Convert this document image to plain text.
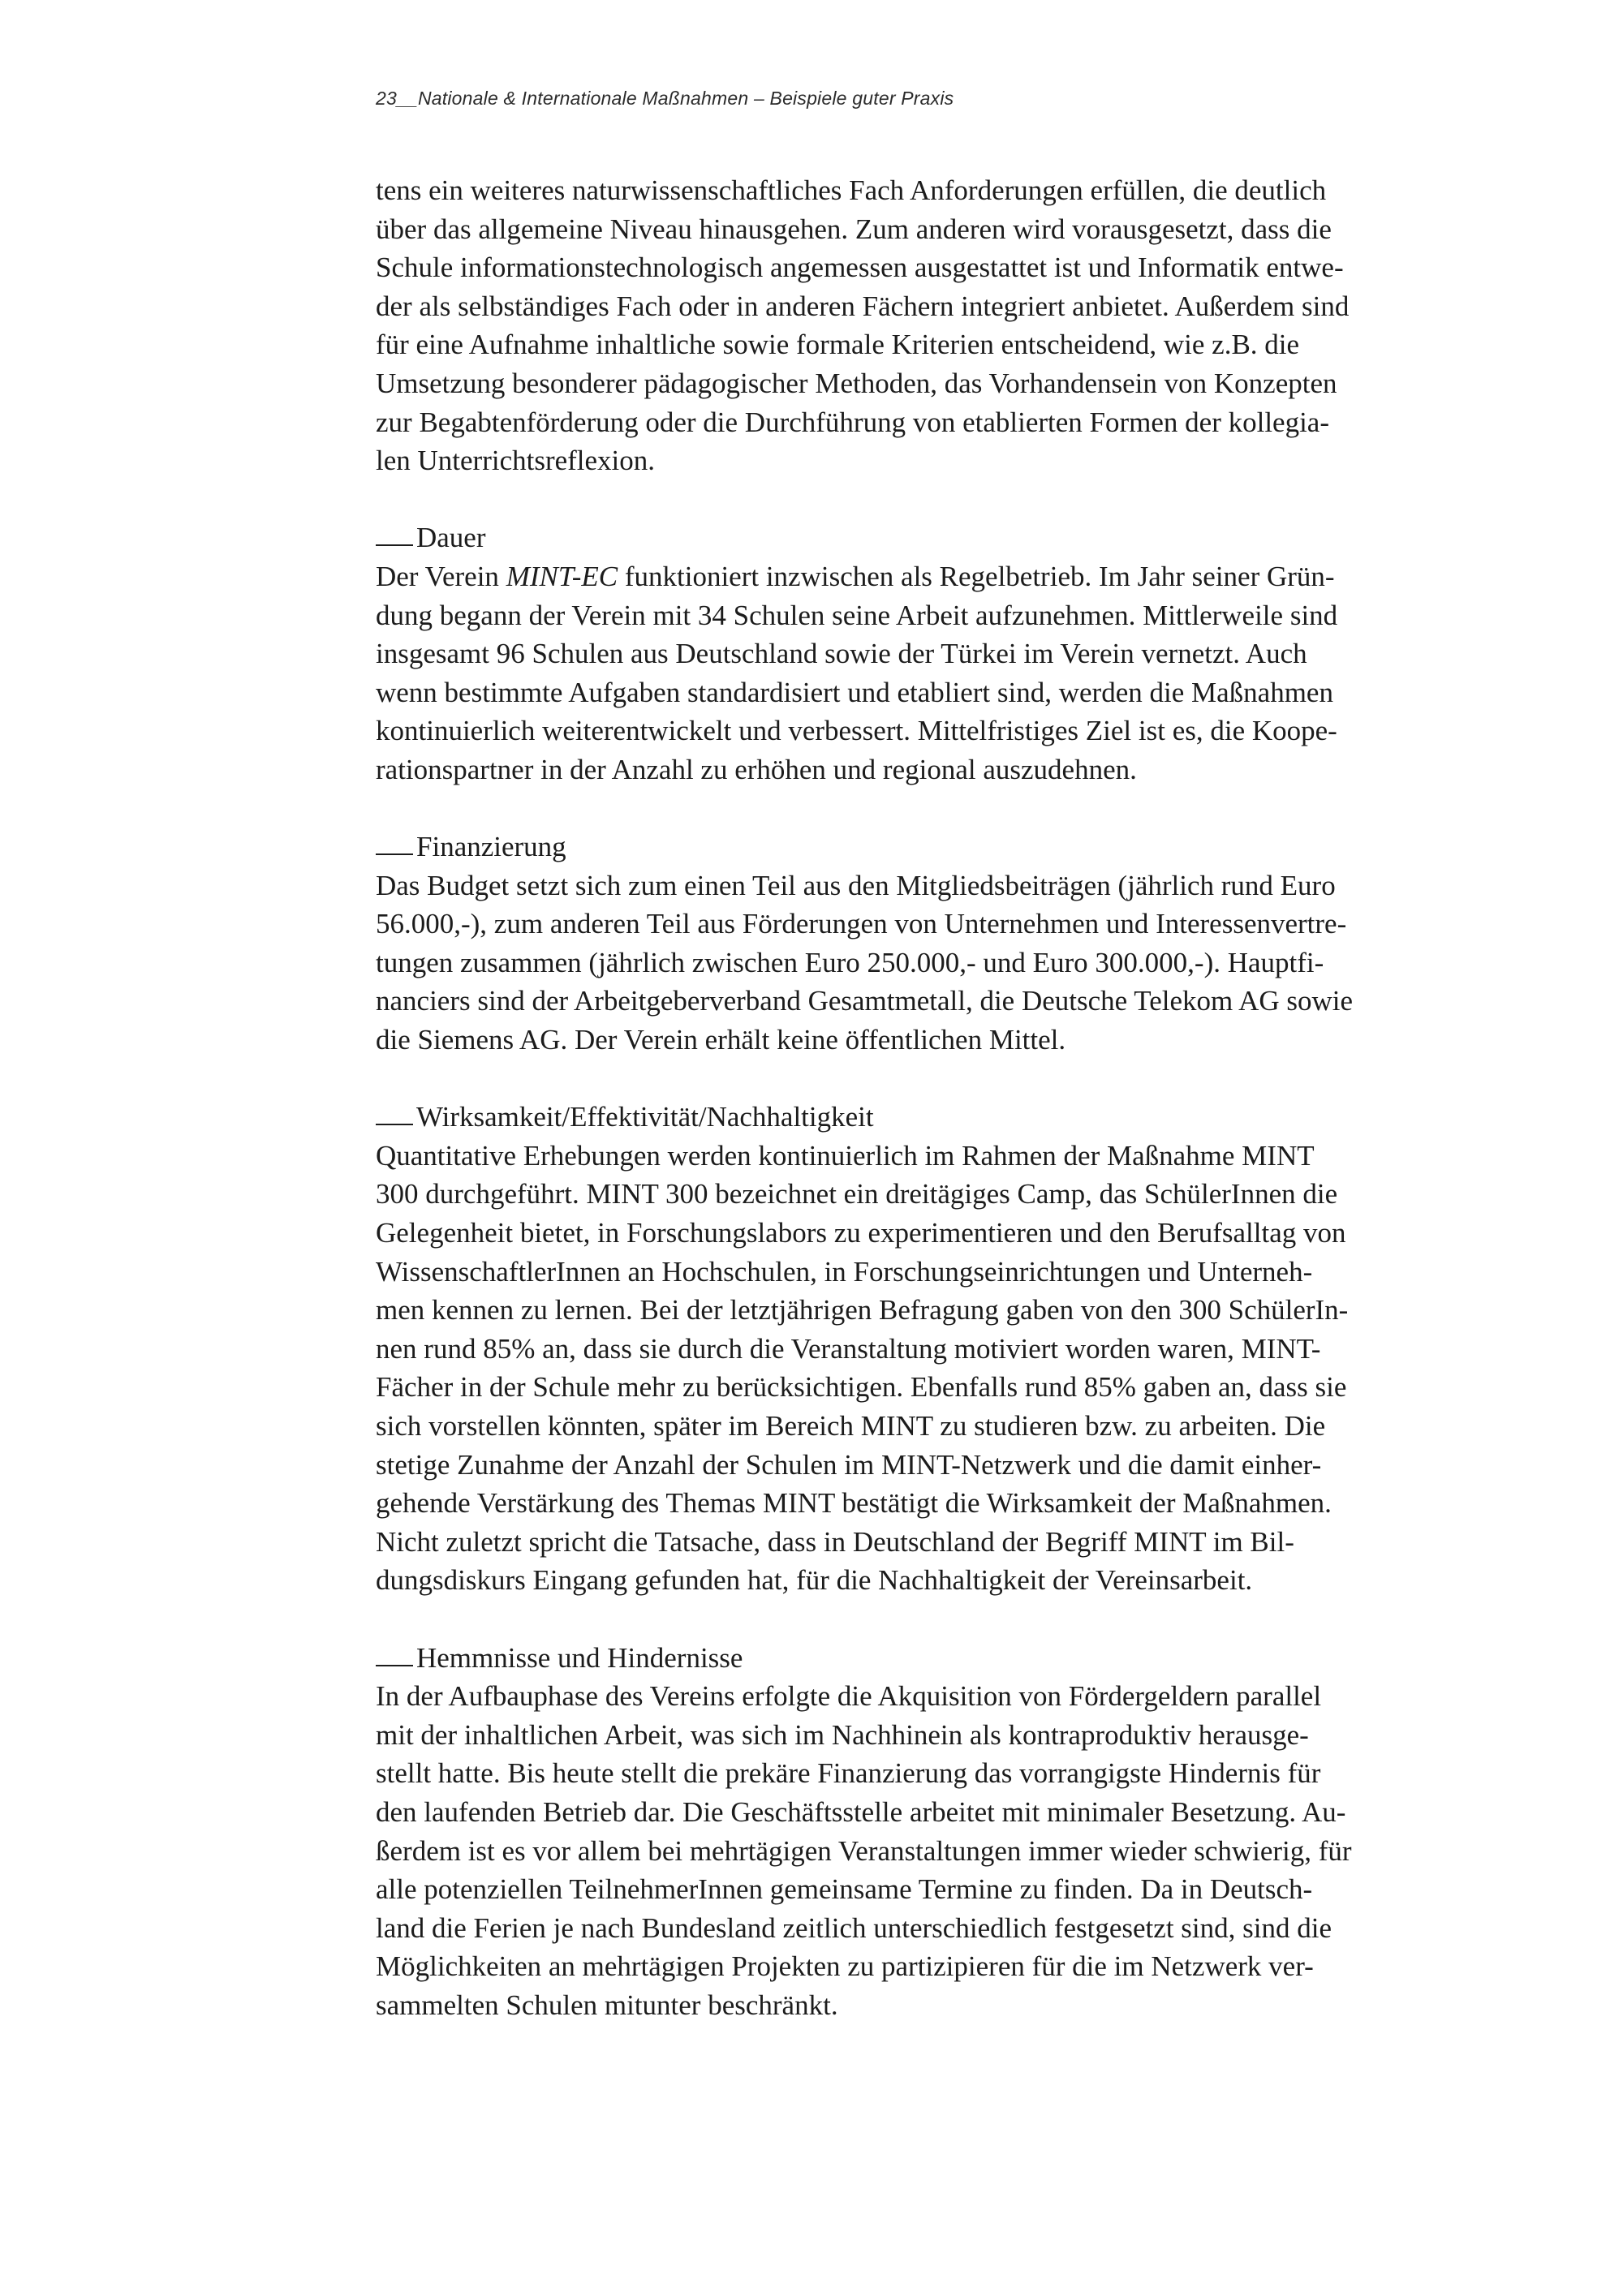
23__Nationale & Internationale Maßnahmen – Beispiele guter Praxis

tens ein weiteres naturwissenschaftliches Fach Anforderungen erfüllen, die deutlich
über das allgemeine Niveau hinausgehen. Zum anderen wird vorausgesetzt, dass die
Schule informationstechnologisch angemessen ausgestattet ist und Informatik entwe-
der als selbständiges Fach oder in anderen Fächern integriert anbietet. Außerdem sind
für eine Aufnahme inhaltliche sowie formale Kriterien entscheidend, wie z.B. die
Umsetzung besonderer pädagogischer Methoden, das Vorhandensein von Konzepten
zur Begabtenförderung oder die Durchführung von etablierten Formen der kollegia-
len Unterrichtsreflexion.

Dauer
Der Verein MINT-EC funktioniert inzwischen als Regelbetrieb. Im Jahr seiner Grün-
dung begann der Verein mit 34 Schulen seine Arbeit aufzunehmen. Mittlerweile sind
insgesamt 96 Schulen aus Deutschland sowie der Türkei im Verein vernetzt. Auch
wenn bestimmte Aufgaben standardisiert und etabliert sind, werden die Maßnahmen
kontinuierlich weiterentwickelt und verbessert. Mittelfristiges Ziel ist es, die Koope-
rationspartner in der Anzahl zu erhöhen und regional auszudehnen.
Finanzierung
Das Budget setzt sich zum einen Teil aus den Mitgliedsbeiträgen (jährlich rund Euro
56.000,-), zum anderen Teil aus Förderungen von Unternehmen und Interessenvertre-
tungen zusammen (jährlich zwischen Euro 250.000,- und Euro 300.000,-). Hauptfi-
nanciers sind der Arbeitgeberverband Gesamtmetall, die Deutsche Telekom AG sowie
die Siemens AG. Der Verein erhält keine öffentlichen Mittel.
Wirksamkeit/Effektivität/Nachhaltigkeit
Quantitative Erhebungen werden kontinuierlich im Rahmen der Maßnahme MINT
300 durchgeführt. MINT 300 bezeichnet ein dreitägiges Camp, das SchülerInnen die
Gelegenheit bietet, in Forschungslabors zu experimentieren und den Berufsalltag von
WissenschaftlerInnen an Hochschulen, in Forschungseinrichtungen und Unterneh-
men kennen zu lernen. Bei der letztjährigen Befragung gaben von den 300 SchülerIn-
nen rund 85% an, dass sie durch die Veranstaltung motiviert worden waren, MINT-
Fächer in der Schule mehr zu berücksichtigen. Ebenfalls rund 85% gaben an, dass sie
sich vorstellen könnten, später im Bereich MINT zu studieren bzw. zu arbeiten. Die
stetige Zunahme der Anzahl der Schulen im MINT-Netzwerk und die damit einher-
gehende Verstärkung des Themas MINT bestätigt die Wirksamkeit der Maßnahmen.
Nicht zuletzt spricht die Tatsache, dass in Deutschland der Begriff MINT im Bil-
dungsdiskurs Eingang gefunden hat, für die Nachhaltigkeit der Vereinsarbeit.
Hemmnisse und Hindernisse
In der Aufbauphase des Vereins erfolgte die Akquisition von Fördergeldern parallel
mit der inhaltlichen Arbeit, was sich im Nachhinein als kontraproduktiv herausge-
stellt hatte. Bis heute stellt die prekäre Finanzierung das vorrangigste Hindernis für
den laufenden Betrieb dar. Die Geschäftsstelle arbeitet mit minimaler Besetzung. Au-
ßerdem ist es vor allem bei mehrtägigen Veranstaltungen immer wieder schwierig, für
alle potenziellen TeilnehmerInnen gemeinsame Termine zu finden. Da in Deutsch-
land die Ferien je nach Bundesland zeitlich unterschiedlich festgesetzt sind, sind die
Möglichkeiten an mehrtägigen Projekten zu partizipieren für die im Netzwerk ver-
sammelten Schulen mitunter beschränkt.
